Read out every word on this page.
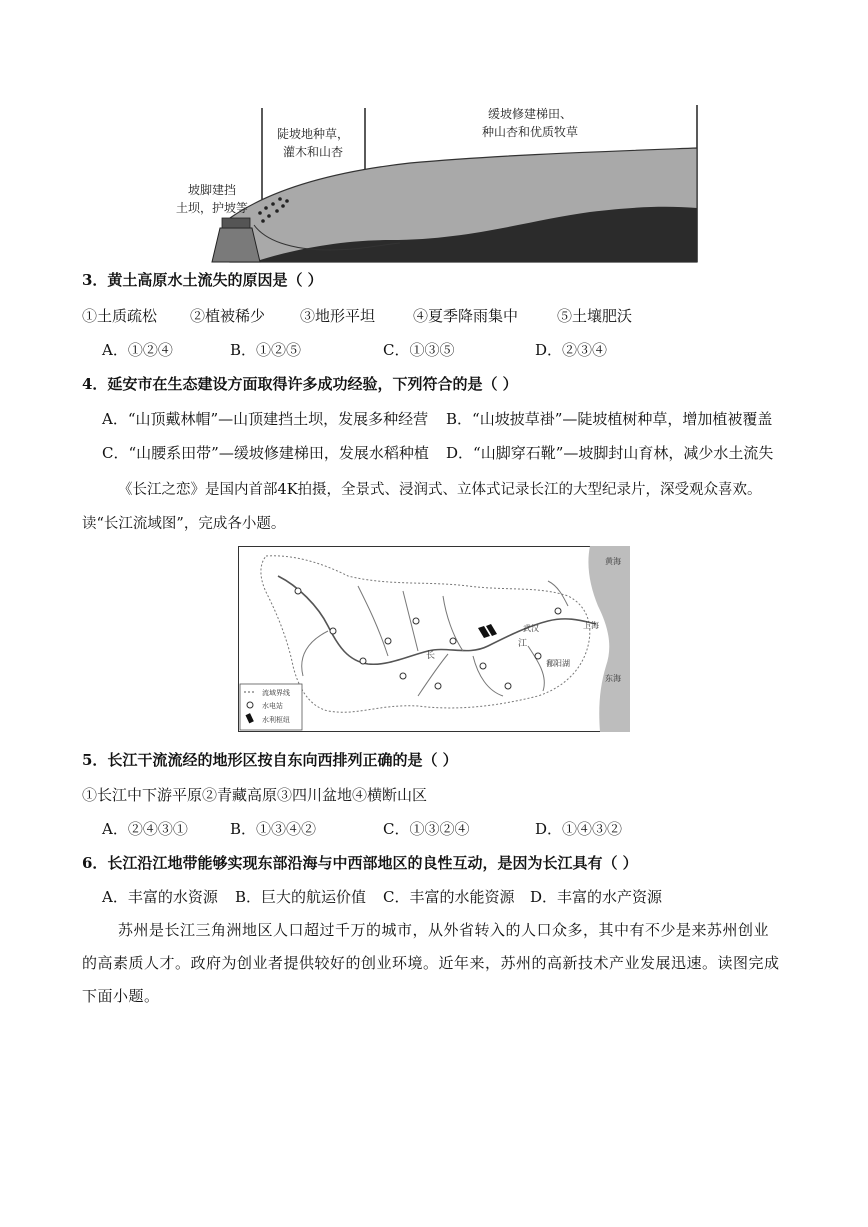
缓坡修建梯田、
种山杏和优质牧草
陡坡地种草，
灌木和山杏
坡脚建挡
土坝，护坡等
3．黄土高原水土流失的原因是（ ）
①土质疏松 ②植被稀少 ③地形平坦	④夏季降雨集中	⑤土壤肥沃
A．①②④	B．①②⑤	C．①③⑤	D．②③④
4．延安市在生态建设方面取得许多成功经验，下列符合的是（ ）
A．“山顶戴林帽”—山顶建挡土坝，发展多种经营 B．“山坡披草褂”—陡坡植树种草，增加植被覆盖
C．“山腰系田带”—缓坡修建梯田，发展水稻种植 D．“山脚穿石靴”—坡脚封山育林，减少水土流失
《长江之恋》是国内首部4K拍摄，全景式、浸润式、立体式记录长江的大型纪录片，深受观众喜欢。
读“长江流域图”，完成各小题。
黄海
东海
武汉	上海
鄱阳湖
长
江
流域界线
水电站
水利枢纽
5．长江干流流经的地形区按自东向西排列正确的是（ ）
①长江中下游平原②青藏高原③四川盆地④横断山区
A．②④③①	B．①③④②	C．①③②④	D．①④③②
6．长江沿江地带能够实现东部沿海与中西部地区的良性互动，是因为长江具有（ ）
A．丰富的水资源 B．巨大的航运价值 C．丰富的水能资源 D．丰富的水产资源
苏州是长江三角洲地区人口超过千万的城市，从外省转入的人口众多，其中有不少是来苏州创业的高素质人才。政府为创业者提供较好的创业环境。近年来，苏州的高新技术产业发展迅速。读图完成下面小题。
